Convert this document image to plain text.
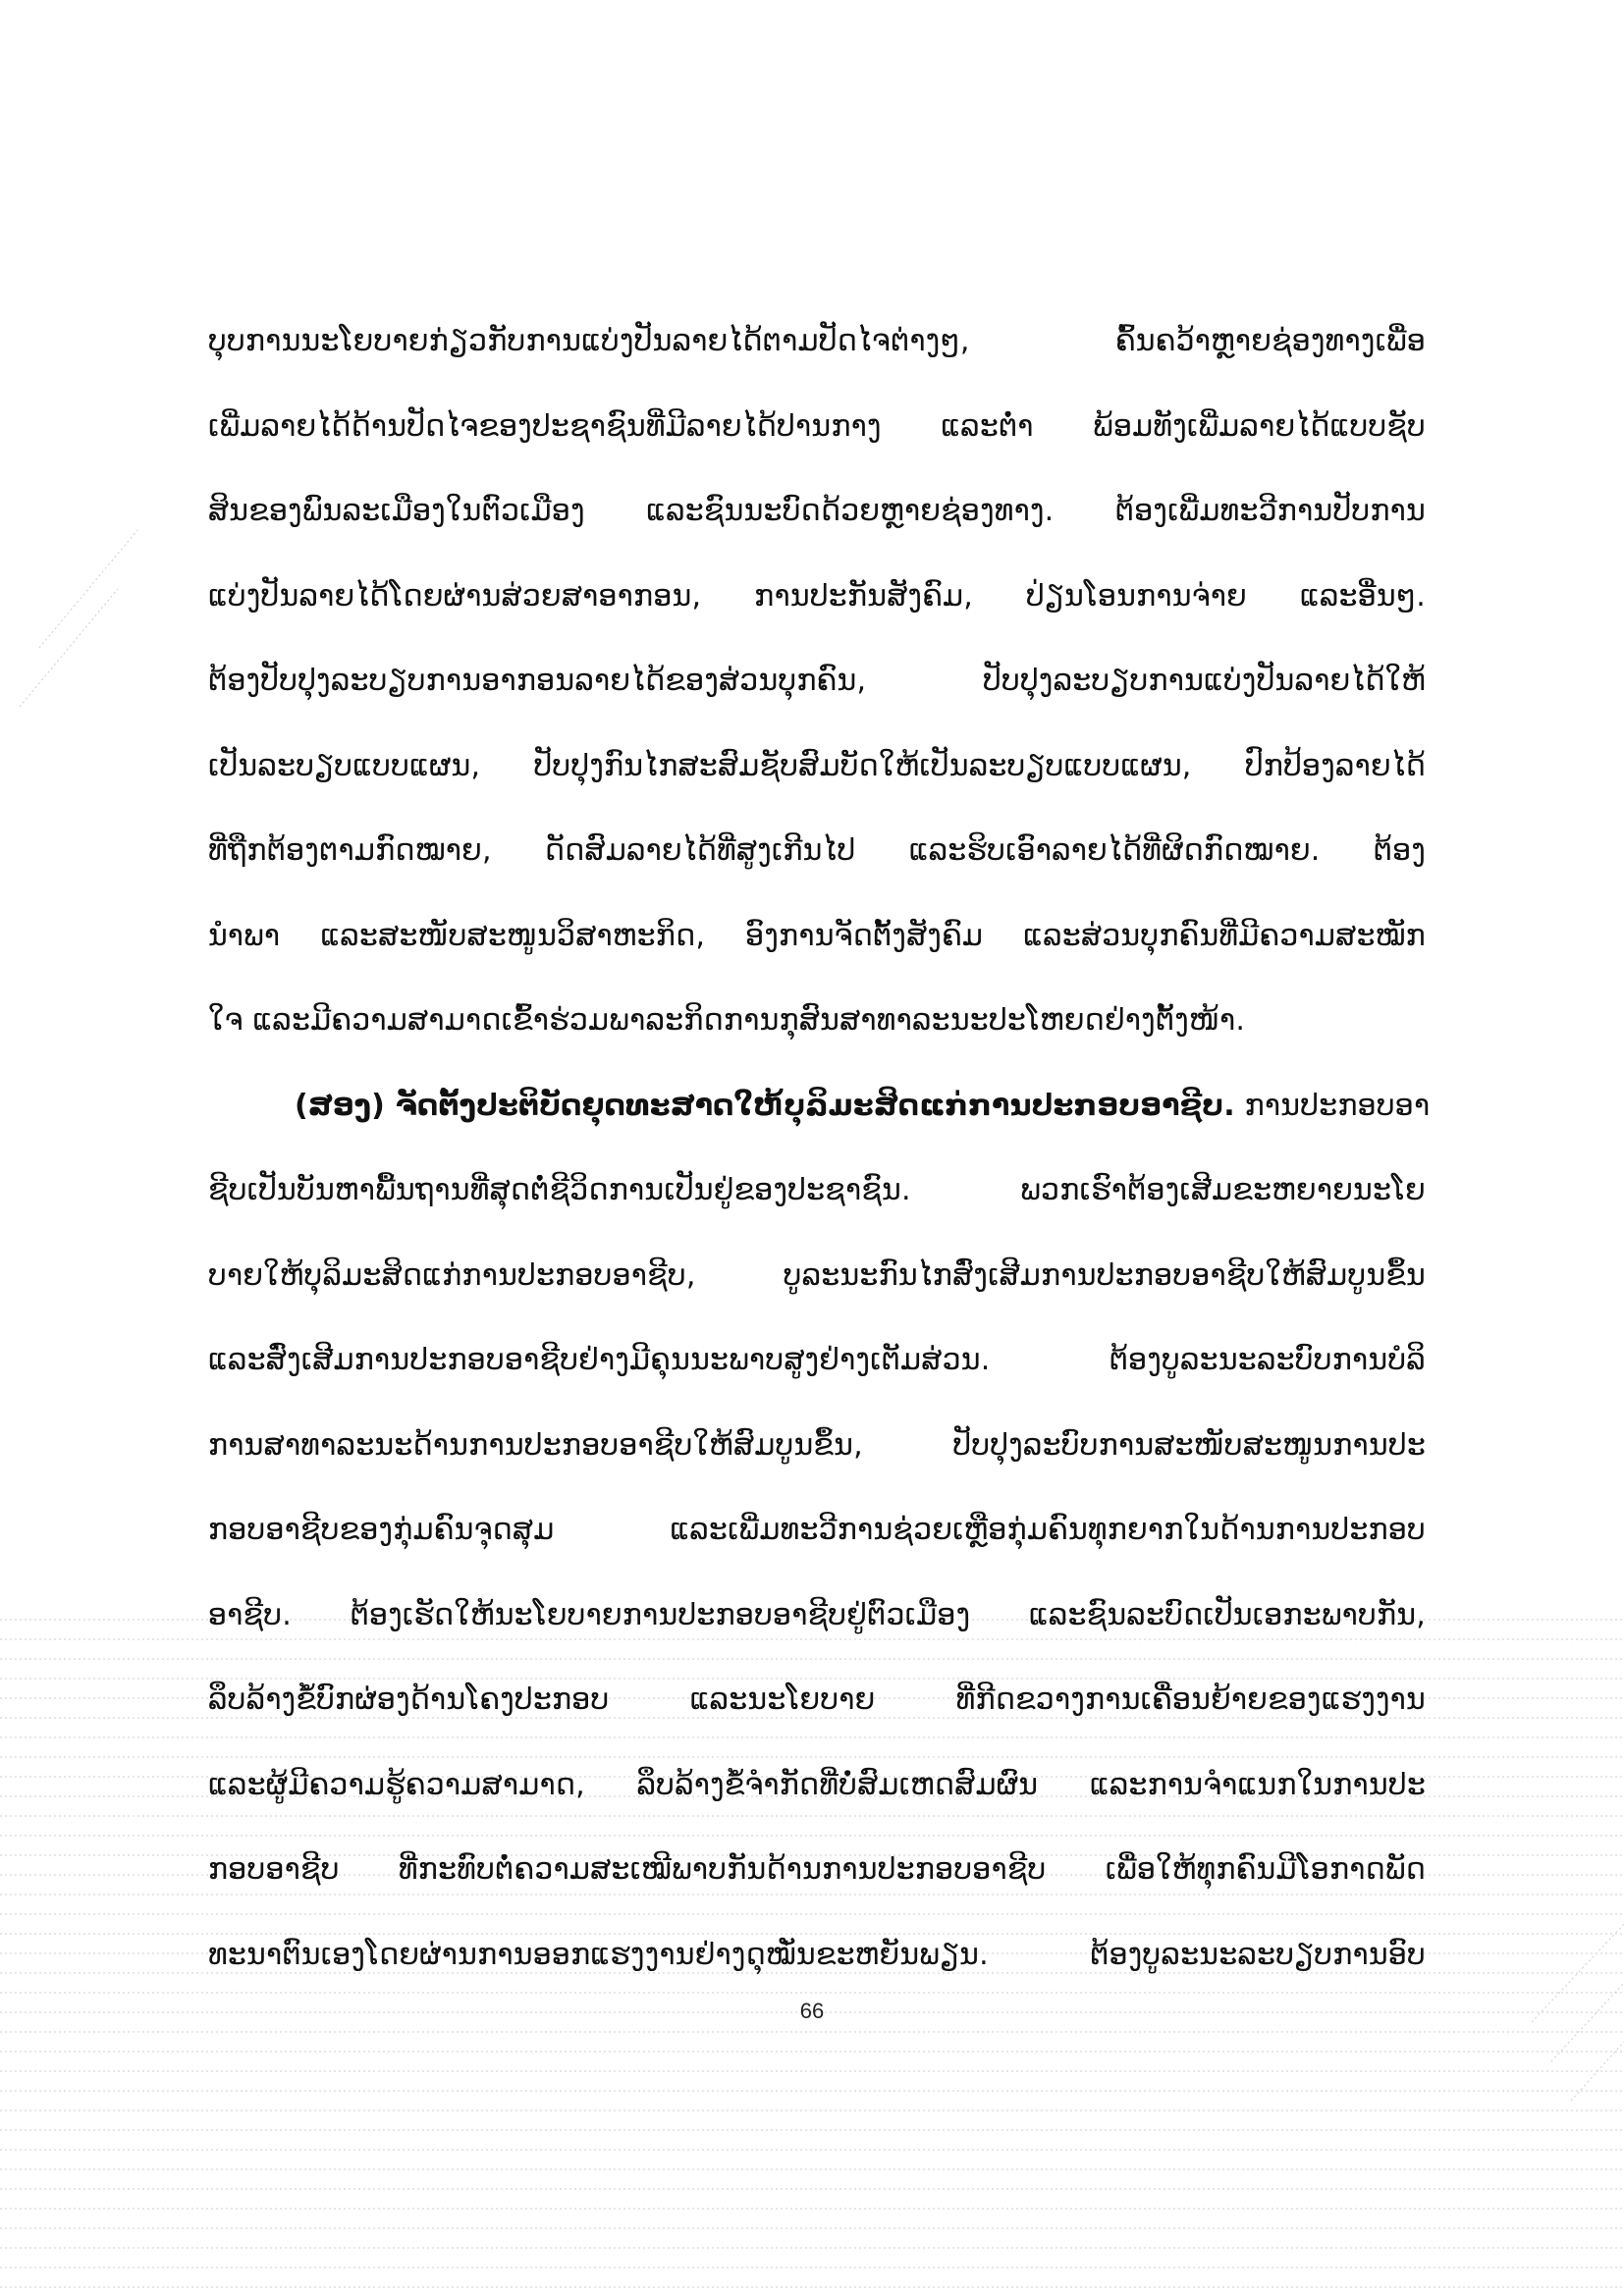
ບຸບການນະໂຍບາຍກ່ຽວກັບການແບ່ງປັນລາຍໄດ້ຕາມປັດໄຈຕ່າງໆ, ຄົ້ນຄວ້າຫຼາຍຊ່ອງທາງເພື່ອ
ເພີ່ມລາຍໄດ້ດ້ານປັດໄຈຂອງປະຊາຊົນທີ່ມີລາຍໄດ້ປານກາງ ແລະຕ່ຳ ພ້ອມທັງເພີ່ມລາຍໄດ້ແບບຊັບ
ສິນຂອງພົນລະເມືອງໃນຕົວເມືອງ ແລະຊົນນະບົດດ້ວຍຫຼາຍຊ່ອງທາງ. ຕ້ອງເພີ່ມທະວີການປັບການ
ແບ່ງປັນລາຍໄດ້ໂດຍຜ່ານສ່ວຍສາອາກອນ, ການປະກັນສັງຄົມ, ປ່ຽນໂອນການຈ່າຍ ແລະອື່ນໆ.
ຕ້ອງປັບປຸງລະບຽບການອາກອນລາຍໄດ້ຂອງສ່ວນບຸກຄົນ, ປັບປຸງລະບຽບການແບ່ງປັນລາຍໄດ້ໃຫ້
ເປັນລະບຽບແບບແຜນ, ປັບປຸງກົນໄກສະສົມຊັບສົມບັດໃຫ້ເປັນລະບຽບແບບແຜນ, ປົກປ້ອງລາຍໄດ້
ທີ່ຖືກຕ້ອງຕາມກົດໝາຍ, ດັດສົມລາຍໄດ້ທີ່ສູງເກີນໄປ ແລະຮິບເອົາລາຍໄດ້ທີ່ຜິດກົດໝາຍ. ຕ້ອງ
ນຳພາ ແລະສະໜັບສະໜູນວິສາຫະກິດ, ອົງການຈັດຕັ້ງສັງຄົມ ແລະສ່ວນບຸກຄົນທີ່ມີຄວາມສະໝັກ
ໃຈ ແລະມີຄວາມສາມາດເຂົ້າຮ່ວມພາລະກິດການກຸສົນສາທາລະນະປະໂຫຍດຢ່າງຕັ້ງໜ້າ.
(ສອງ) ຈັດຕັ້ງປະຕິບັດຍຸດທະສາດໃຫ້ບຸລິມະສິດແກ່ການປະກອບອາຊີບ. ການປະກອບອາ
ຊີບເປັນບັນຫາພື້ນຖານທີ່ສຸດຕໍ່ຊີວິດການເປັນຢູ່ຂອງປະຊາຊົນ. ພວກເຮົາຕ້ອງເສີມຂະຫຍາຍນະໂຍ
ບາຍໃຫ້ບຸລິມະສິດແກ່ການປະກອບອາຊີບ, ບູລະນະກົນໄກສົ່ງເສີມການປະກອບອາຊີບໃຫ້ສົມບູນຂຶ້ນ
ແລະສົ່ງເສີມການປະກອບອາຊີບຢ່າງມີຄຸນນະພາບສູງຢ່າງເຕັມສ່ວນ. ຕ້ອງບູລະນະລະບົບການບໍລິ
ການສາທາລະນະດ້ານການປະກອບອາຊີບໃຫ້ສົມບູນຂຶ້ນ, ປັບປຸງລະບົບການສະໜັບສະໜູນການປະ
ກອບອາຊີບຂອງກຸ່ມຄົນຈຸດສຸມ ແລະເພີ່ມທະວີການຊ່ວຍເຫຼືອກຸ່ມຄົນທຸກຍາກໃນດ້ານການປະກອບ
ອາຊີບ. ຕ້ອງເຮັດໃຫ້ນະໂຍບາຍການປະກອບອາຊີບຢູ່ຕົວເມືອງ ແລະຊົນລະບົດເປັນເອກະພາບກັນ,
ລຶບລ້າງຂໍ້ບົກຜ່ອງດ້ານໂຄງປະກອບ ແລະນະໂຍບາຍ ທີ່ກີດຂວາງການເຄື່ອນຍ້າຍຂອງແຮງງານ
ແລະຜູ້ມີຄວາມຮູ້ຄວາມສາມາດ, ລຶບລ້າງຂໍ້ຈຳກັດທີ່ບໍ່ສົມເຫດສົມຜົນ ແລະການຈຳແນກໃນການປະ
ກອບອາຊີບ ທີ່ກະທົບຕໍ່ຄວາມສະເໝີພາບກັນດ້ານການປະກອບອາຊີບ ເພື່ອໃຫ້ທຸກຄົນມີໂອກາດພັດ
ທະນາຕົນເອງໂດຍຜ່ານການອອກແຮງງານຢ່າງດຸໝັ່ນຂະຫຍັນພຽນ. ຕ້ອງບູລະນະລະບຽບການອົບ
66
